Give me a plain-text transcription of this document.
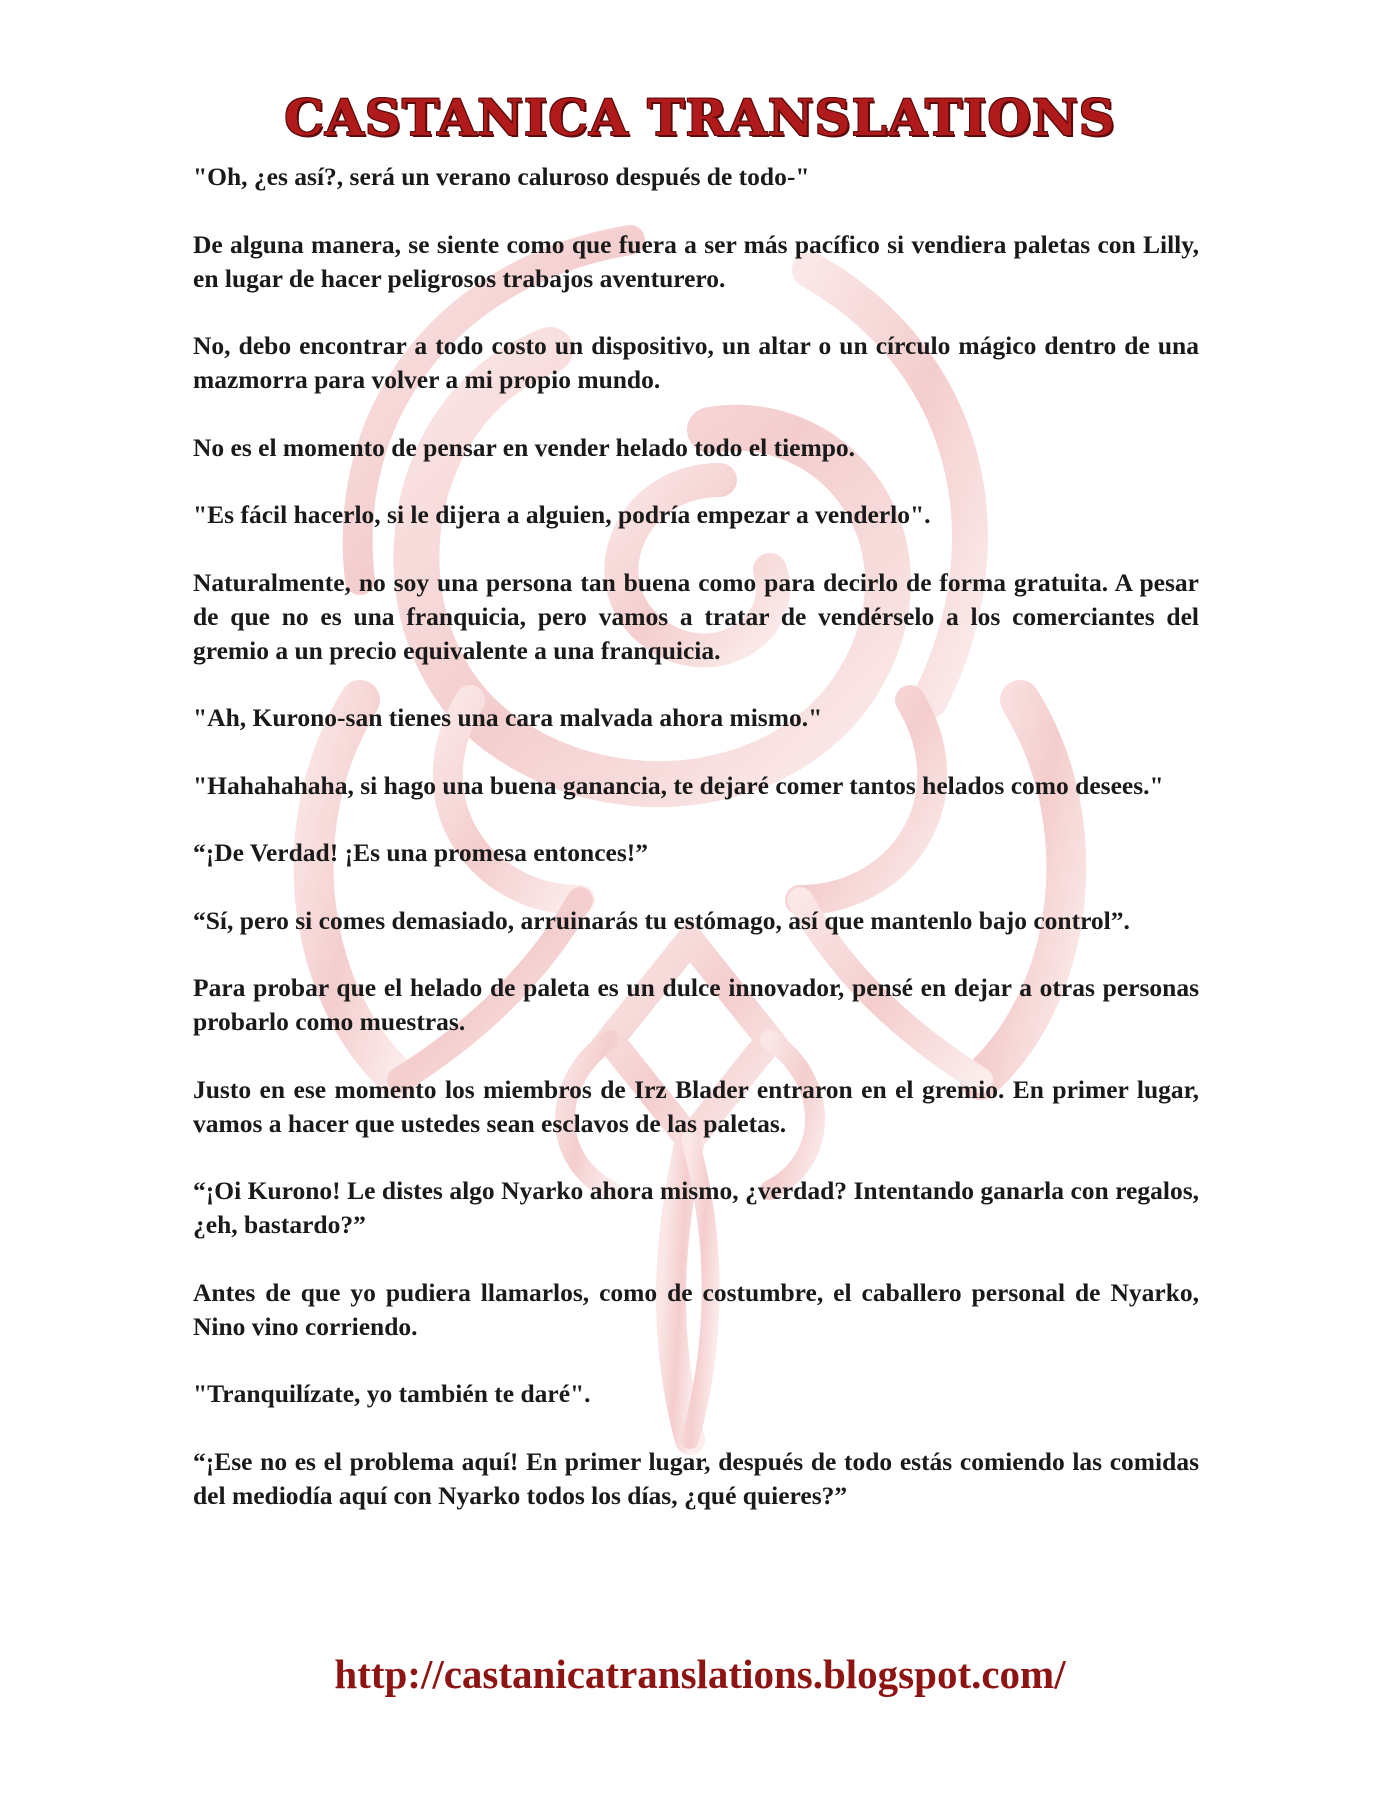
CASTANICA TRANSLATIONS

"Oh, ¿es así?, será un verano caluroso después de todo-"

De alguna manera, se siente como que fuera a ser más pacífico si vendiera paletas con Lilly, en lugar de hacer peligrosos trabajos aventurero.

No, debo encontrar a todo costo un dispositivo, un altar o un círculo mágico dentro de una mazmorra para volver a mi propio mundo.

No es el momento de pensar en vender helado todo el tiempo.

"Es fácil hacerlo, si le dijera a alguien, podría empezar a venderlo".

Naturalmente, no soy una persona tan buena como para decirlo de forma gratuita. A pesar de que no es una franquicia, pero vamos a tratar de vendérselo a los comerciantes del gremio a un precio equivalente a una franquicia.

"Ah, Kurono-san tienes una cara malvada ahora mismo."

"Hahahahaha, si hago una buena ganancia, te dejaré comer tantos helados como desees."

“¡De Verdad! ¡Es una promesa entonces!”

“Sí, pero si comes demasiado, arruinarás tu estómago, así que mantenlo bajo control”.

Para probar que el helado de paleta es un dulce innovador, pensé en dejar a otras personas probarlo como muestras.

Justo en ese momento los miembros de Irz Blader entraron en el gremio. En primer lugar, vamos a hacer que ustedes sean esclavos de las paletas.

“¡Oi Kurono! Le distes algo Nyarko ahora mismo, ¿verdad? Intentando ganarla con regalos, ¿eh, bastardo?”

Antes de que yo pudiera llamarlos, como de costumbre, el caballero personal de Nyarko, Nino vino corriendo.

"Tranquilízate, yo también te daré".

“¡Ese no es el problema aquí! En primer lugar, después de todo estás comiendo las comidas del mediodía aquí con Nyarko todos los días, ¿qué quieres?”

http://castanicatranslations.blogspot.com/
